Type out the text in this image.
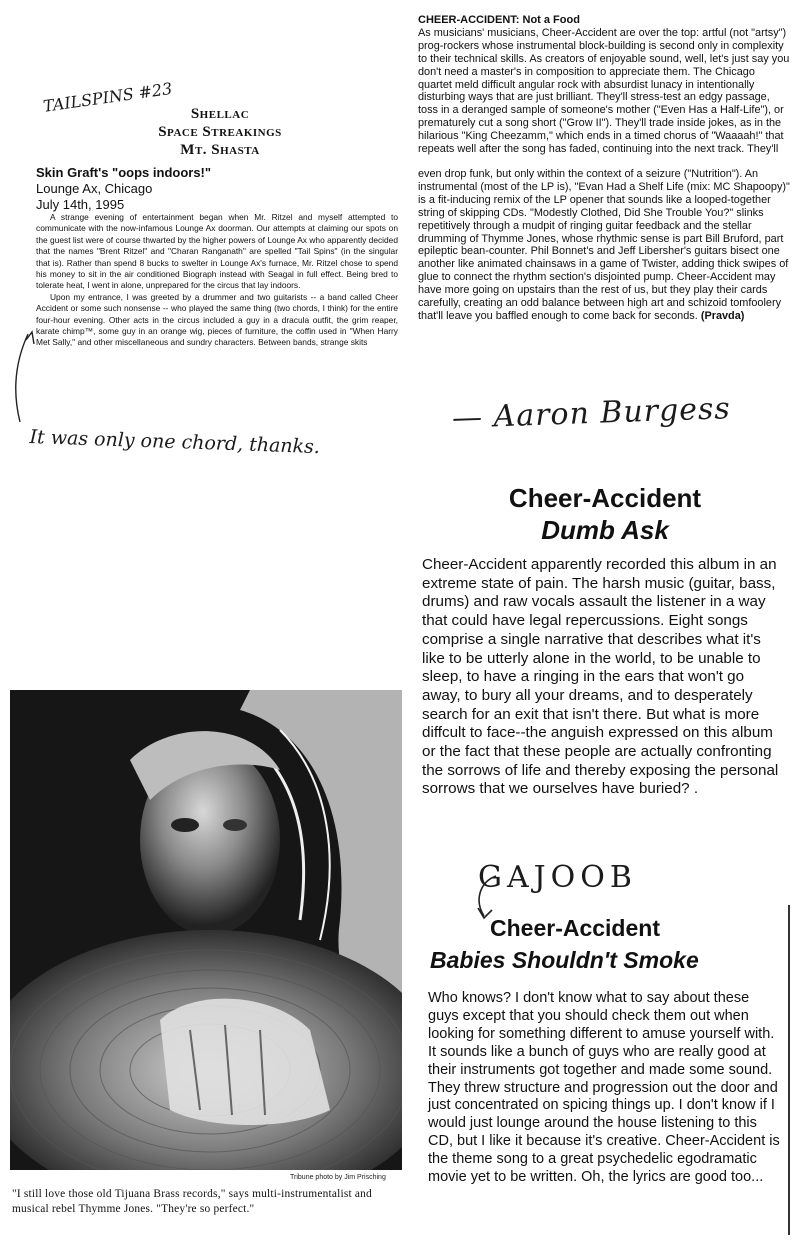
TAILSPINS #23	Shellac
Space Streakings
Mt. Shasta
Skin Graft's "oops indoors!"
Lounge Ax, Chicago
July 14th, 1995

A strange evening of entertainment began when Mr. Ritzel and myself attempted to communicate with the now-infamous Lounge Ax doorman. Our attempts at claiming our spots on the guest list were of course thwarted by the higher powers of Lounge Ax who apparently decided that the names "Brent Ritzel" and "Charan Ranganath" are spelled "Tail Spins" (in the singular that is). Rather than spend 8 bucks to swelter in Lounge Ax's furnace, Mr. Ritzel chose to spend his money to sit in the air conditioned Biograph instead with Seagal in full effect. Being bred to tolerate heat, I went in alone, unprepared for the circus that lay indoors.

Upon my entrance, I was greeted by a drummer and two guitarists -- a band called Cheer Accident or some such nonsense -- who played the same thing (two chords, I think) for the entire four-hour evening. Other acts in the circus included a guy in a dracula outfit, the grim reaper, karate chimp™, some guy in an orange wig, pieces of furniture, the coffin used in "When Harry Met Sally," and other miscellaneous and sundry characters. Between bands, strange skits

It was only one chord, thanks.
CHEER-ACCIDENT: Not a Food

As musicians' musicians, Cheer-Accident are over the top: artful (not "artsy") prog-rockers whose instrumental block-building is second only in complexity to their technical skills. As creators of enjoyable sound, well, let's just say you don't need a master's in composition to appreciate them. The Chicago quartet meld difficult angular rock with absurdist lunacy in intentionally disturbing ways that are just brilliant. They'll stress-test an edgy passage, toss in a deranged sample of someone's mother ("Even Has a Half-Life"), or prematurely cut a song short ("Grow II"). They'll trade inside jokes, as in the hilarious "King Cheezamm," which ends in a timed chorus of "Waaaah!" that repeats well after the song has faded, continuing into the next track. They'll

even drop funk, but only within the context of a seizure ("Nutrition"). An instrumental (most of the LP is), "Evan Had a Shelf Life (mix: MC Shapoopy)" is a fit-inducing remix of the LP opener that sounds like a looped-together string of skipping CDs. "Modestly Clothed, Did She Trouble You?" slinks repetitively through a mudpit of ringing guitar feedback and the stellar drumming of Thymme Jones, whose rhythmic sense is part Bill Bruford, part epileptic bean-counter. Phil Bonnet's and Jeff Libersher's guitars bisect one another like animated chainsaws in a game of Twister, adding thick swipes of glue to connect the rhythm section's disjointed pump. Cheer-Accident may have more going on upstairs than the rest of us, but they play their cards carefully, creating an odd balance between high art and schizoid tomfoolery that'll leave you baffled enough to come back for seconds. (Pravda)

— Aaron Burgess
Cheer-Accident
Dumb Ask
Cheer-Accident apparently recorded this album in an extreme state of pain. The harsh music (guitar, bass, drums) and raw vocals assault the listener in a way that could have legal repercussions. Eight songs comprise a single narrative that describes what it's like to be utterly alone in the world, to be unable to sleep, to have a ringing in the ears that won't go away, to bury all your dreams, and to desperately search for an exit that isn't there. But what is more diffcult to face--the anguish expressed on this album or the fact that these people are actually confronting the sorrows of life and thereby exposing the personal sorrows that we ourselves have buried? .
Tribune photo by Jim Prisching
"I still love those old Tijuana Brass records," says multi-instrumentalist and musical rebel Thymme Jones. "They're so perfect."
GAJOOB
Cheer-Accident
Babies Shouldn't Smoke
Who knows? I don't know what to say about these guys except that you should check them out when looking for something different to amuse yourself with. It sounds like a bunch of guys who are really good at their instruments got together and made some sound. They threw structure and progression out the door and just concentrated on spicing things up. I don't know if I would just lounge around the house listening to this CD, but I like it because it's creative. Cheer-Accident is the theme song to a great psychedelic egodramatic movie yet to be written. Oh, the lyrics are good too...
